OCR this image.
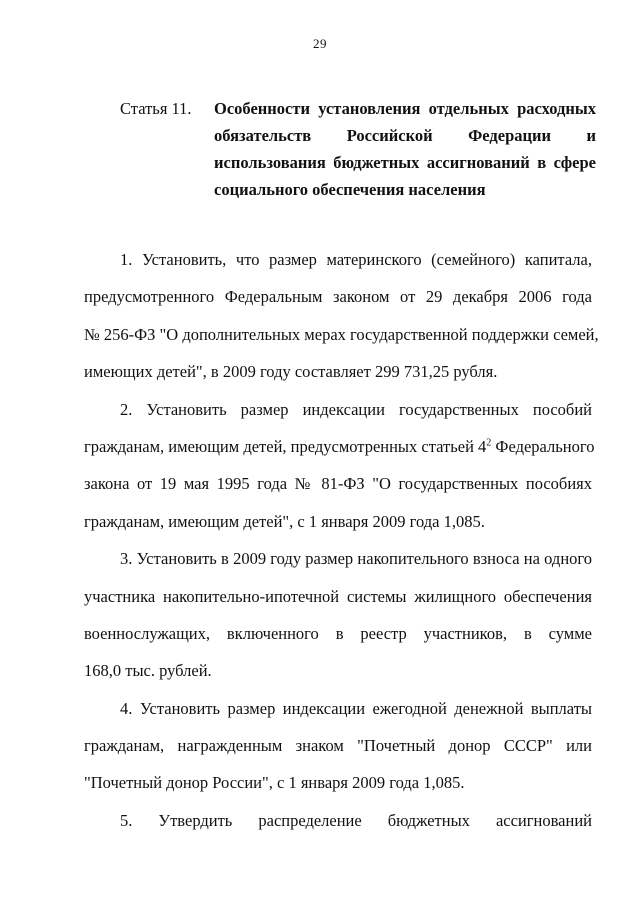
29
Статья 11. Особенности установления отдельных расходных
обязательств Российской Федерации и
использования бюджетных ассигнований в сфере
социального обеспечения населения
1. Установить, что размер материнского (семейного) капитала,
предусмотренного Федеральным законом от 29 декабря 2006 года
№ 256-ФЗ "О дополнительных мерах государственной поддержки семей,
имеющих детей", в 2009 году составляет 299 731,25 рубля.
2. Установить размер индексации государственных пособий
гражданам, имеющим детей, предусмотренных статьей $4^2$ Федерального
закона от 19 мая 1995 года № 81-ФЗ "О государственных пособиях
гражданам, имеющим детей", с 1 января 2009 года 1,085.
3. Установить в 2009 году размер накопительного взноса на одного
участника накопительно-ипотечной системы жилищного обеспечения
военнослужащих, включенного в реестр участников, в сумме
168,0 тыс. рублей.
4. Установить размер индексации ежегодной денежной выплаты
гражданам, награжденным знаком "Почетный донор СССР" или
"Почетный донор России", с 1 января 2009 года 1,085.
5. Утвердить распределение бюджетных ассигнований
